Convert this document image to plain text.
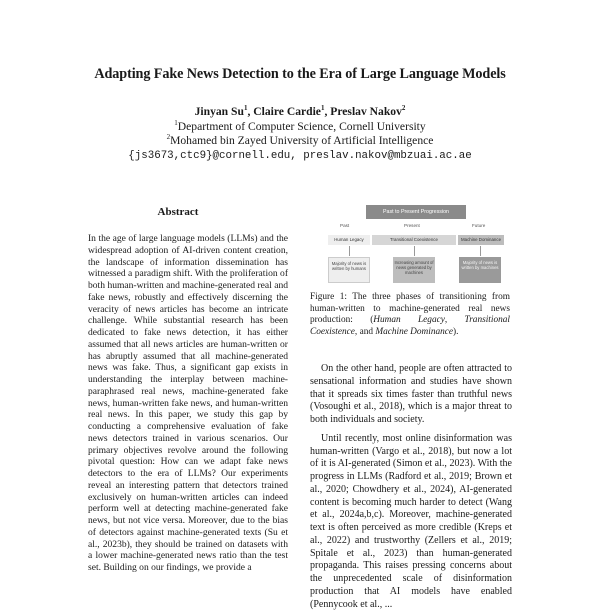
Adapting Fake News Detection to the Era of Large Language Models
Jinyan Su$^1$, Claire Cardie$^1$, Preslav Nakov$^2$
$^1$Department of Computer Science, Cornell University
$^2$Mohamed bin Zayed University of Artificial Intelligence
{js3673,ctc9}@cornell.edu, preslav.nakov@mbzuai.ac.ae
Abstract
In the age of large language models (LLMs) and the widespread adoption of AI-driven content creation, the landscape of information dissemination has witnessed a paradigm shift. With the proliferation of both human-written and machine-generated real and fake news, robustly and effectively discerning the veracity of news articles has become an intricate challenge. While substantial research has been dedicated to fake news detection, it has either assumed that all news articles are human-written or has abruptly assumed that all machine-generated news was fake. Thus, a significant gap exists in understanding the interplay between machine-paraphrased real news, machine-generated fake news, human-written fake news, and human-written real news. In this paper, we study this gap by conducting a comprehensive evaluation of fake news detectors trained in various scenarios. Our primary objectives revolve around the following pivotal question: How can we adapt fake news detectors to the era of LLMs? Our experiments reveal an interesting pattern that detectors trained exclusively on human-written articles can indeed perform well at detecting machine-generated fake news, but not vice versa. Moreover, due to the bias of detectors against machine-generated texts (Su et al., 2023b), they should be trained on datasets with a lower machine-generated news ratio than the test set. Building on our findings, we provide a
Past to Present Progression
Past	Present	Future
Human Legacy	Transitional Coexistence	Machine Dominance
Majority of news is written by humans
Increasing amount of news generated by machines
Majority of news is written by machines
Figure 1: The three phases of transitioning from human-written to machine-generated real news production: (Human Legacy, Transitional Coexistence, and Machine Dominance).

On the other hand, people are often attracted to sensational information and studies have shown that it spreads six times faster than truthful news (Vosoughi et al., 2018), which is a major threat to both individuals and society.

Until recently, most online disinformation was human-written (Vargo et al., 2018), but now a lot of it is AI-generated (Simon et al., 2023). With the progress in LLMs (Radford et al., 2019; Brown et al., 2020; Chowdhery et al., 2024), AI-generated content is becoming much harder to detect (Wang et al., 2024a,b,c). Moreover, machine-generated text is often perceived as more credible (Kreps et al., 2022) and trustworthy (Zellers et al., 2019; Spitale et al., 2023) than human-generated propaganda. This raises pressing concerns about the unprecedented scale of disinformation production that AI models have enabled (Pennycook et al., ...
